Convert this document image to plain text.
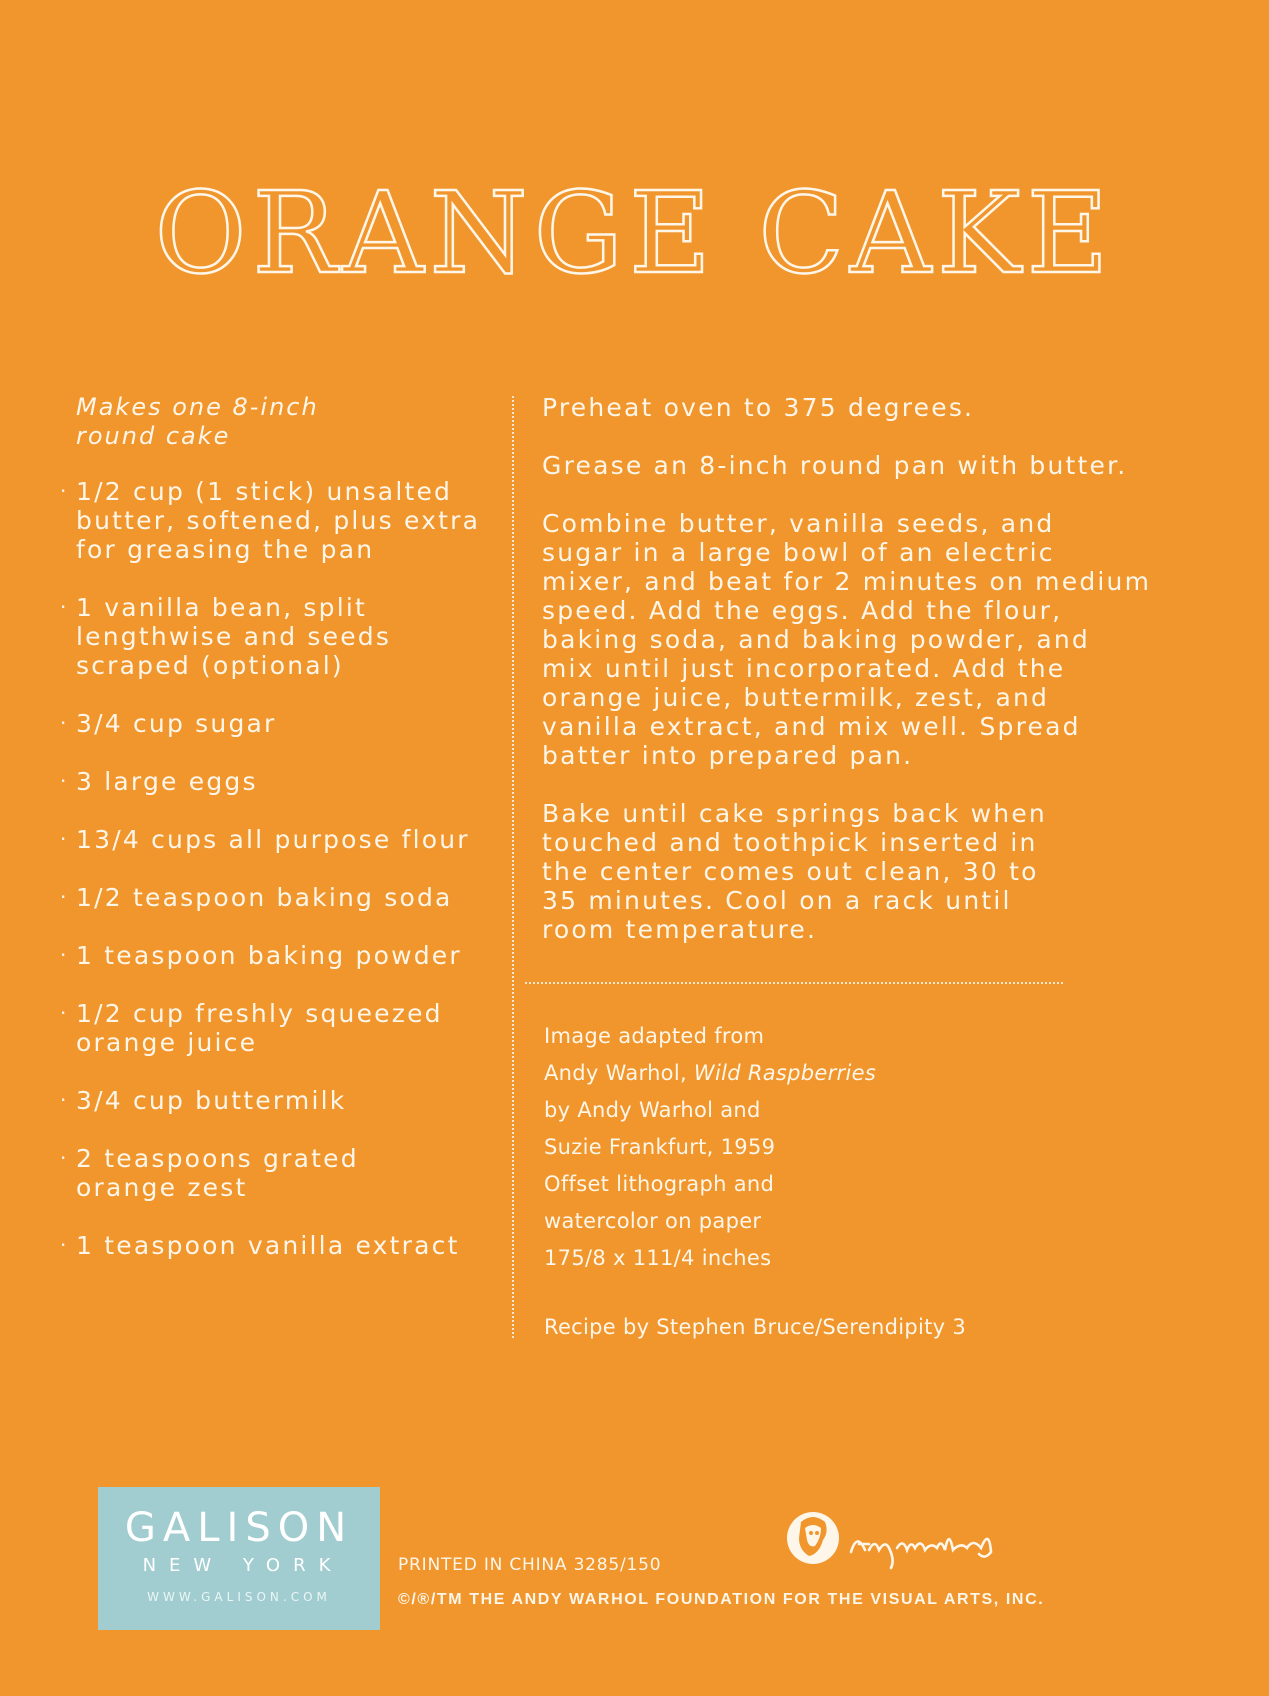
ORANGE CAKE
Makes one 8-inch
round cake
· 1/2 cup (1 stick) unsalted
butter, softened, plus extra
for greasing the pan
· 1 vanilla bean, split
lengthwise and seeds
scraped (optional)
· 3/4 cup sugar
· 3 large eggs
· 13/4 cups all purpose flour
· 1/2 teaspoon baking soda
· 1 teaspoon baking powder
· 1/2 cup freshly squeezed
orange juice
· 3/4 cup buttermilk
· 2 teaspoons grated
orange zest
· 1 teaspoon vanilla extract
Preheat oven to 375 degrees.
Grease an 8-inch round pan with butter.
Combine butter, vanilla seeds, and
sugar in a large bowl of an electric
mixer, and beat for 2 minutes on medium
speed. Add the eggs. Add the flour,
baking soda, and baking powder, and
mix until just incorporated. Add the
orange juice, buttermilk, zest, and
vanilla extract, and mix well. Spread
batter into prepared pan.
Bake until cake springs back when
touched and toothpick inserted in
the center comes out clean, 30 to
35 minutes. Cool on a rack until
room temperature.

Image adapted from

Andy Warhol, Wild Raspberries

by Andy Warhol and

Suzie Frankfurt, 1959

Offset lithograph and

watercolor on paper

175/8 x 111/4 inches

Recipe by Stephen Bruce/Serendipity 3

GALISON
NEW YORK
WWW.GALISON.COM
PRINTED IN CHINA 3285/150
©/®/TM THE ANDY WARHOL FOUNDATION FOR THE VISUAL ARTS, INC.
